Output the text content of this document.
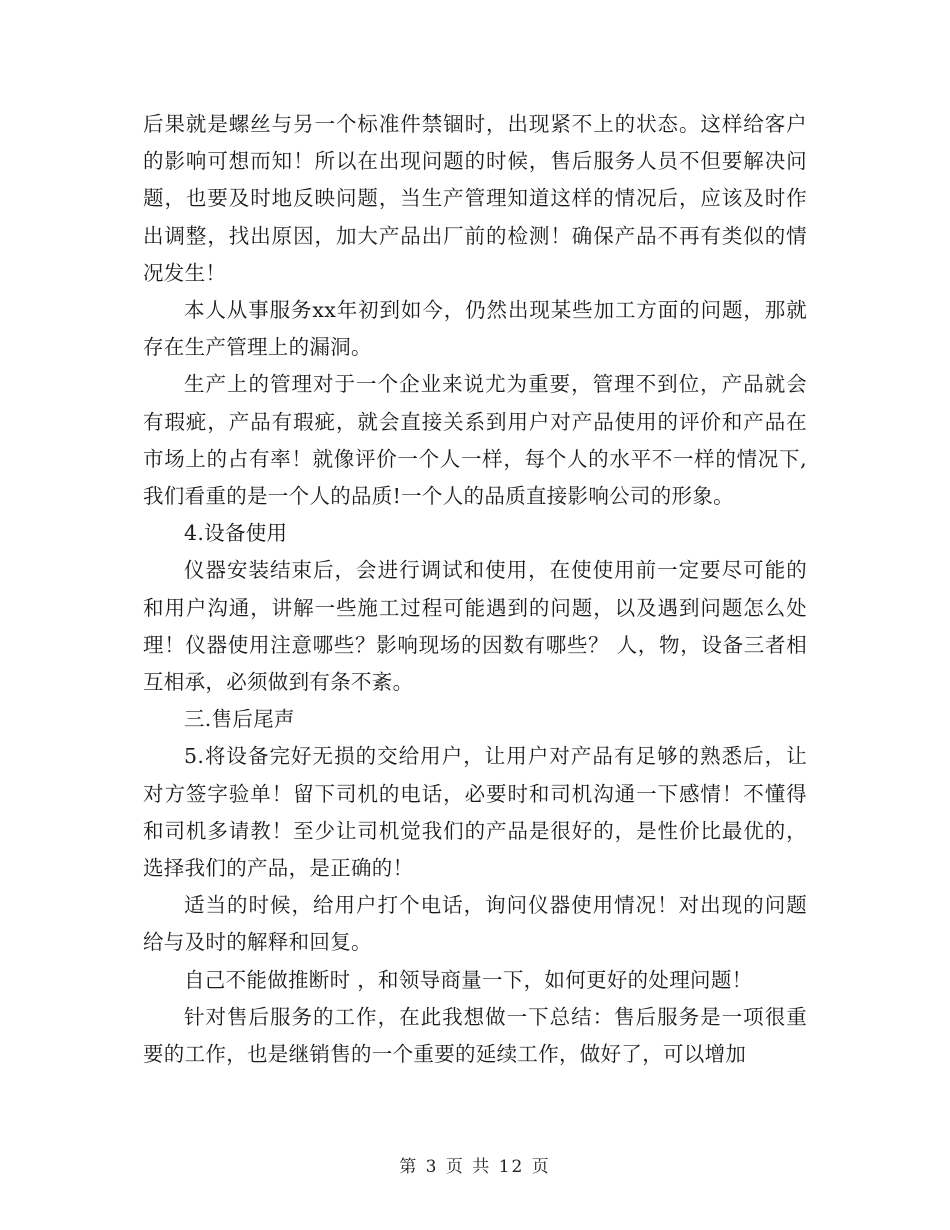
后果就是螺丝与另一个标准件禁锢时，出现紧不上的状态。这样给客户的影响可想而知！所以在出现问题的时候，售后服务人员不但要解决问题，也要及时地反映问题，当生产管理知道这样的情况后，应该及时作出调整，找出原因，加大产品出厂前的检测！确保产品不再有类似的情况发生！

本人从事服务xx年初到如今，仍然出现某些加工方面的问题，那就存在生产管理上的漏洞。

生产上的管理对于一个企业来说尤为重要，管理不到位，产品就会有瑕疵，产品有瑕疵，就会直接关系到用户对产品使用的评价和产品在市场上的占有率！就像评价一个人一样，每个人的水平不一样的情况下,我们看重的是一个人的品质!一个人的品质直接影响公司的形象。

4.设备使用

仪器安装结束后，会进行调试和使用，在使使用前一定要尽可能的和用户沟通，讲解一些施工过程可能遇到的问题，以及遇到问题怎么处理！仪器使用注意哪些？影响现场的因数有哪些？ 人，物，设备三者相互相承，必须做到有条不紊。

三.售后尾声

5.将设备完好无损的交给用户，让用户对产品有足够的熟悉后，让对方签字验单！留下司机的电话，必要时和司机沟通一下感情！不懂得和司机多请教！至少让司机觉我们的产品是很好的，是性价比最优的，选择我们的产品，是正确的！

适当的时候，给用户打个电话，询问仪器使用情况！对出现的问题给与及时的解释和回复。

自己不能做推断时 ，和领导商量一下，如何更好的处理问题！

针对售后服务的工作，在此我想做一下总结：售后服务是一项很重要的工作，也是继销售的一个重要的延续工作，做好了，可以增加

第 3 页 共 12 页
